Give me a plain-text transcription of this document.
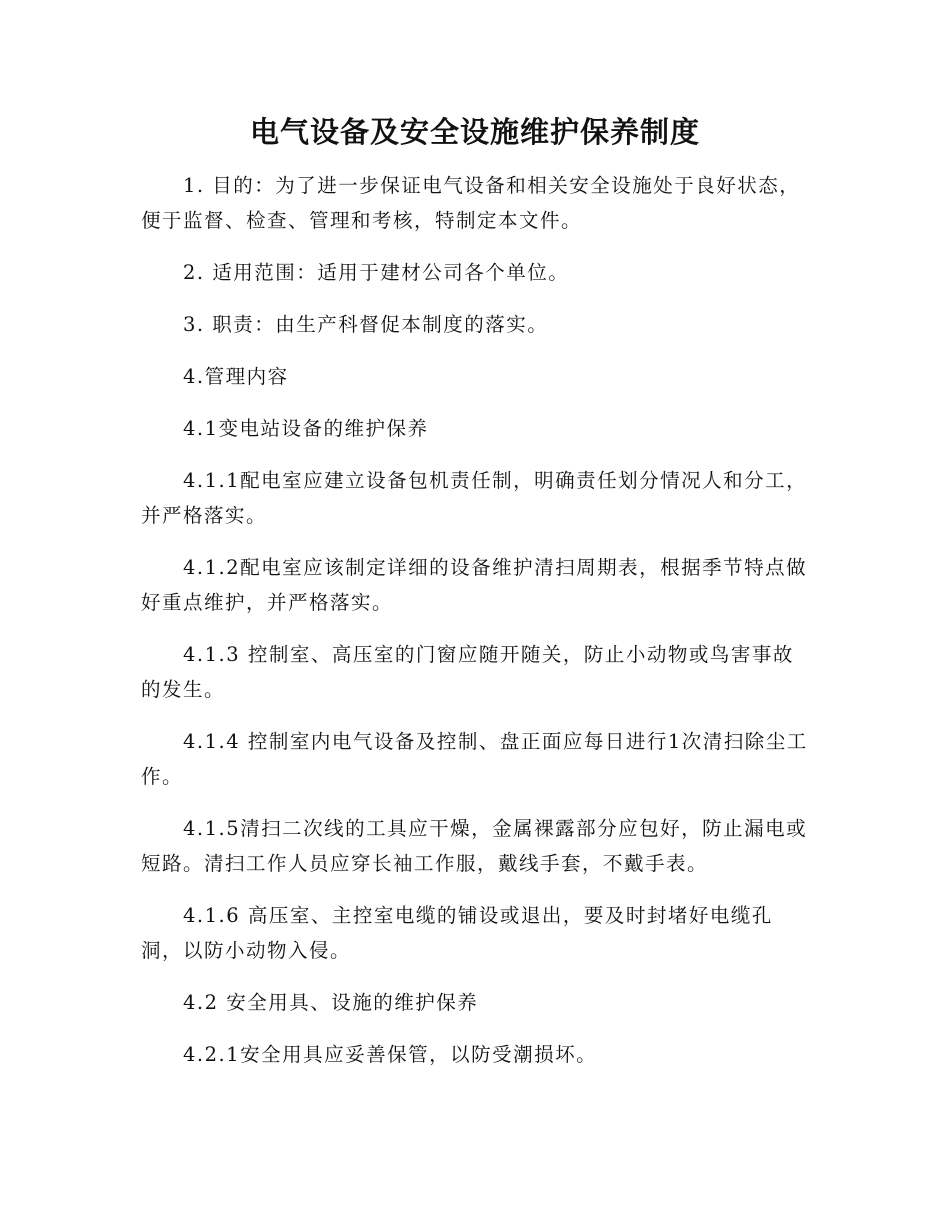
电气设备及安全设施维护保养制度

1. 目的：为了进一步保证电气设备和相关安全设施处于良好状态，便于监督、检查、管理和考核，特制定本文件。

2. 适用范围：适用于建材公司各个单位。

3. 职责：由生产科督促本制度的落实。

4.管理内容

4.1变电站设备的维护保养

4.1.1配电室应建立设备包机责任制，明确责任划分情况人和分工，并严格落实。

4.1.2配电室应该制定详细的设备维护清扫周期表，根据季节特点做好重点维护，并严格落实。

4.1.3 控制室、高压室的门窗应随开随关，防止小动物或鸟害事故的发生。

4.1.4 控制室内电气设备及控制、盘正面应每日进行1次清扫除尘工作。

4.1.5清扫二次线的工具应干燥，金属裸露部分应包好，防止漏电或短路。清扫工作人员应穿长袖工作服，戴线手套，不戴手表。

4.1.6 高压室、主控室电缆的铺设或退出，要及时封堵好电缆孔洞，以防小动物入侵。

4.2 安全用具、设施的维护保养

4.2.1安全用具应妥善保管，以防受潮损坏。
